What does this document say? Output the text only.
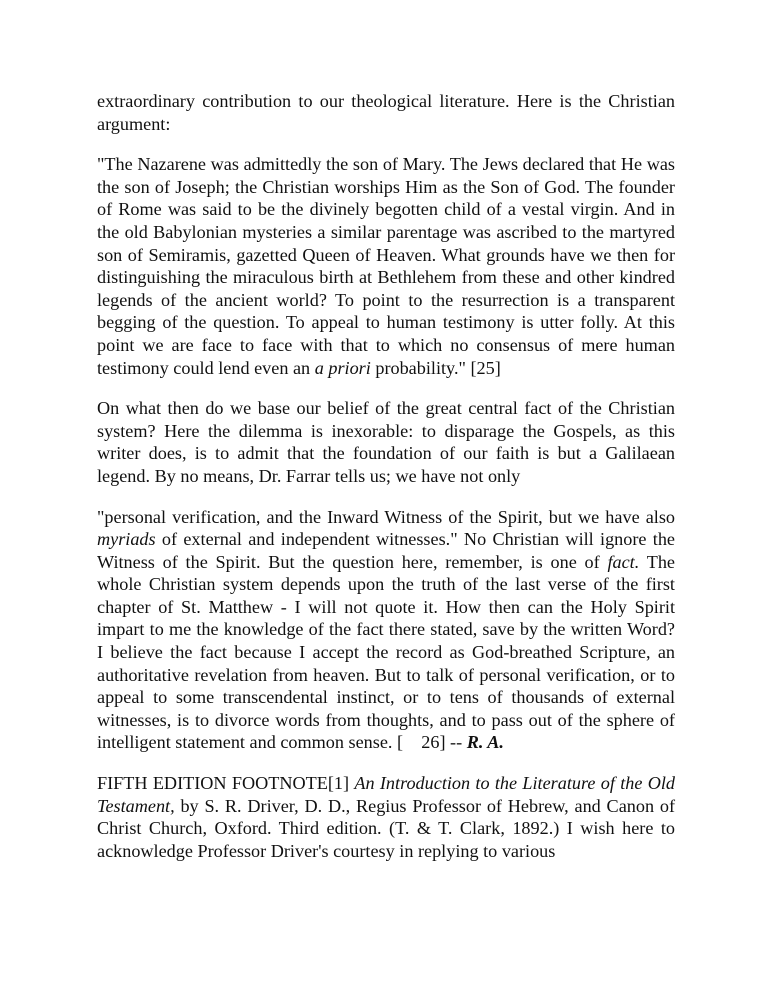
extraordinary contribution to our theological literature. Here is the Christian argument:

"The Nazarene was admittedly the son of Mary. The Jews declared that He was the son of Joseph; the Christian worships Him as the Son of God. The founder of Rome was said to be the divinely begotten child of a vestal virgin. And in the old Babylonian mysteries a similar parentage was ascribed to the martyred son of Semiramis, gazetted Queen of Heaven. What grounds have we then for distinguishing the miraculous birth at Bethlehem from these and other kindred legends of the ancient world? To point to the resurrection is a transparent begging of the question. To appeal to human testimony is utter folly. At this point we are face to face with that to which no consensus of mere human testimony could lend even an a priori probability." [25]

On what then do we base our belief of the great central fact of the Christian system? Here the dilemma is inexorable: to disparage the Gospels, as this writer does, is to admit that the foundation of our faith is but a Galilaean legend. By no means, Dr. Farrar tells us; we have not only

"personal verification, and the Inward Witness of the Spirit, but we have also myriads of external and independent witnesses." No Christian will ignore the Witness of the Spirit. But the question here, remember, is one of fact. The whole Christian system depends upon the truth of the last verse of the first chapter of St. Matthew - I will not quote it. How then can the Holy Spirit impart to me the knowledge of the fact there stated, save by the written Word? I believe the fact because I accept the record as God-breathed Scripture, an authoritative revelation from heaven. But to talk of personal verification, or to appeal to some transcendental instinct, or to tens of thousands of external witnesses, is to divorce words from thoughts, and to pass out of the sphere of intelligent statement and common sense. [    26] -- R. A.

FIFTH EDITION FOOTNOTE[1] An Introduction to the Literature of the Old Testament, by S. R. Driver, D. D., Regius Professor of Hebrew, and Canon of Christ Church, Oxford. Third edition. (T. & T. Clark, 1892.) I wish here to acknowledge Professor Driver's courtesy in replying to various
